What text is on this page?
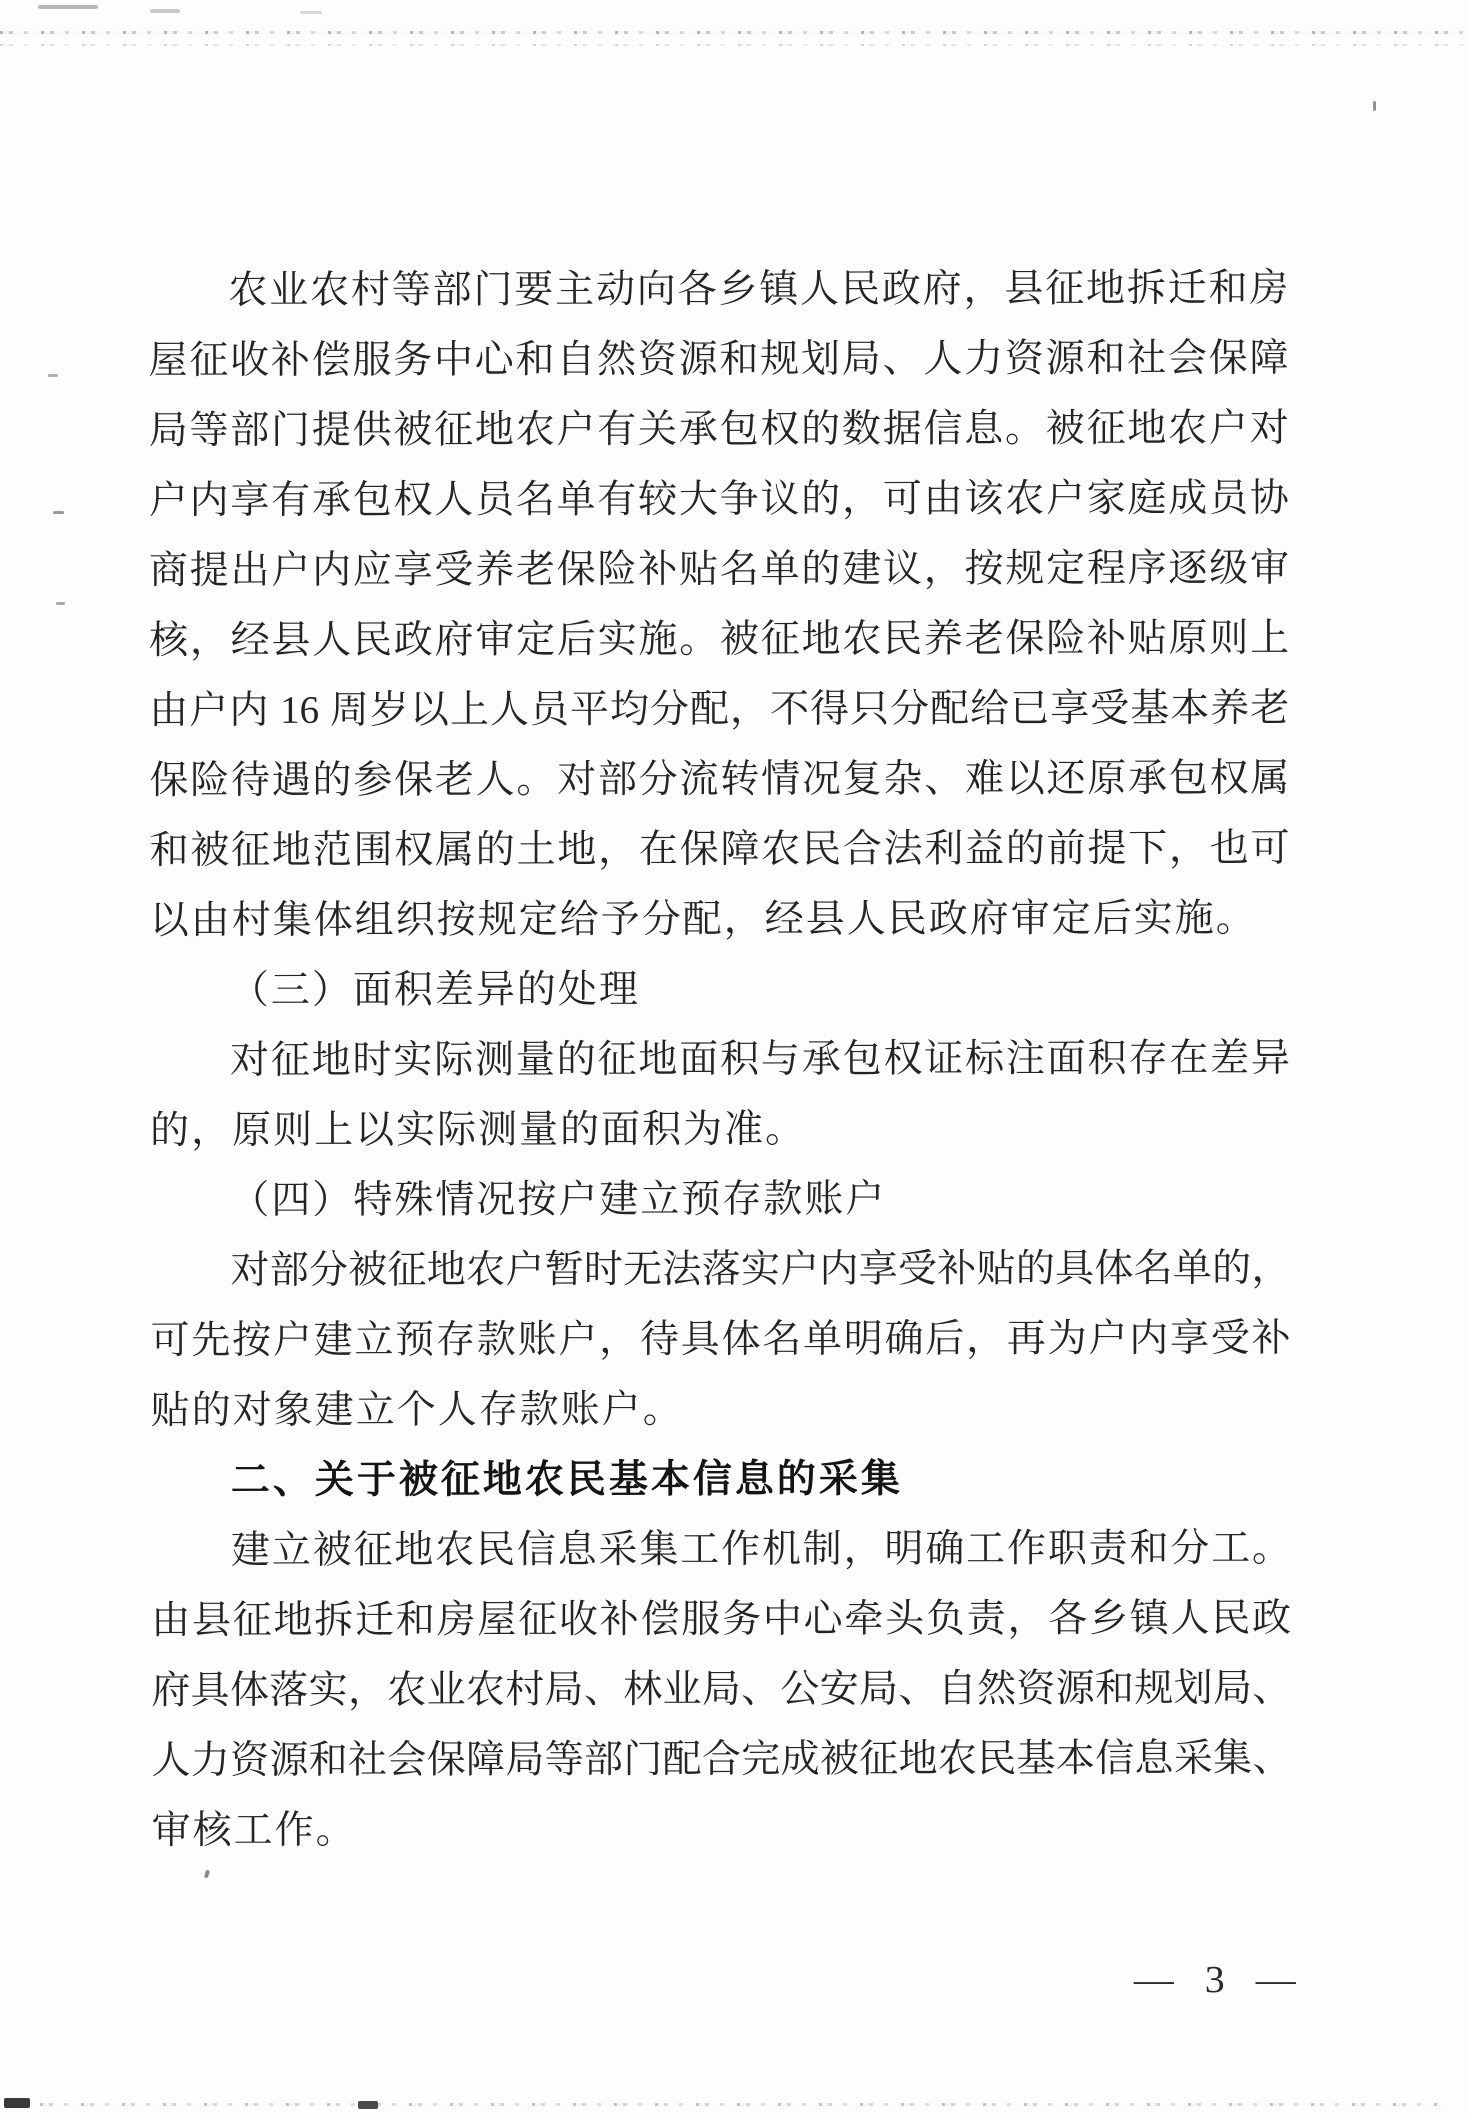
农业农村等部门要主动向各乡镇人民政府，县征地拆迁和房
屋征收补偿服务中心和自然资源和规划局、人力资源和社会保障
局等部门提供被征地农户有关承包权的数据信息。被征地农户对
户内享有承包权人员名单有较大争议的，可由该农户家庭成员协
商提出户内应享受养老保险补贴名单的建议，按规定程序逐级审
核，经县人民政府审定后实施。被征地农民养老保险补贴原则上
由户内 16 周岁以上人员平均分配，不得只分配给已享受基本养老
保险待遇的参保老人。对部分流转情况复杂、难以还原承包权属
和被征地范围权属的土地，在保障农民合法利益的前提下，也可
以由村集体组织按规定给予分配，经县人民政府审定后实施。
（三）面积差异的处理
对征地时实际测量的征地面积与承包权证标注面积存在差异
的，原则上以实际测量的面积为准。
（四）特殊情况按户建立预存款账户
对部分被征地农户暂时无法落实户内享受补贴的具体名单的，
可先按户建立预存款账户，待具体名单明确后，再为户内享受补
贴的对象建立个人存款账户。
二、关于被征地农民基本信息的采集
建立被征地农民信息采集工作机制，明确工作职责和分工。
由县征地拆迁和房屋征收补偿服务中心牵头负责，各乡镇人民政
府具体落实，农业农村局、林业局、公安局、自然资源和规划局、
人力资源和社会保障局等部门配合完成被征地农民基本信息采集、
审核工作。
— 3 —
